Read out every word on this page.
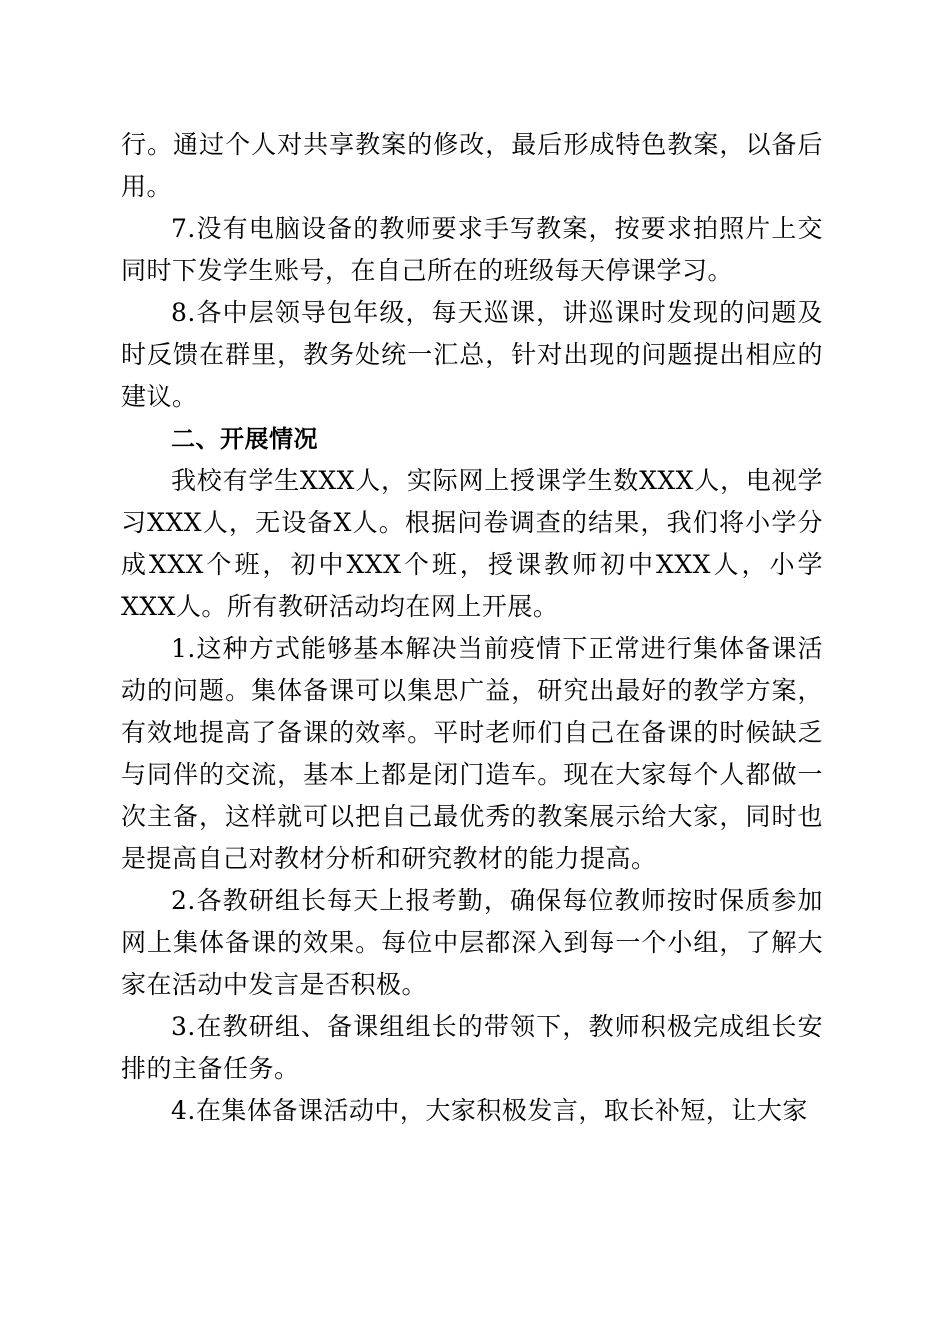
行。通过个人对共享教案的修改，最后形成特色教案，以备后用。

7.没有电脑设备的教师要求手写教案，按要求拍照片上交同时下发学生账号，在自己所在的班级每天停课学习。

8.各中层领导包年级，每天巡课，讲巡课时发现的问题及时反馈在群里，教务处统一汇总，针对出现的问题提出相应的建议。

二、开展情况

我校有学生XXX人，实际网上授课学生数XXX人，电视学习XXX人，无设备X人。根据问卷调查的结果，我们将小学分成XXX个班，初中XXX个班，授课教师初中XXX人，小学XXX人。所有教研活动均在网上开展。

1.这种方式能够基本解决当前疫情下正常进行集体备课活动的问题。集体备课可以集思广益，研究出最好的教学方案，有效地提高了备课的效率。平时老师们自己在备课的时候缺乏与同伴的交流，基本上都是闭门造车。现在大家每个人都做一次主备，这样就可以把自己最优秀的教案展示给大家，同时也是提高自己对教材分析和研究教材的能力提高。

2.各教研组长每天上报考勤，确保每位教师按时保质参加网上集体备课的效果。每位中层都深入到每一个小组，了解大家在活动中发言是否积极。

3.在教研组、备课组组长的带领下，教师积极完成组长安排的主备任务。

4.在集体备课活动中，大家积极发言，取长补短，让大家
